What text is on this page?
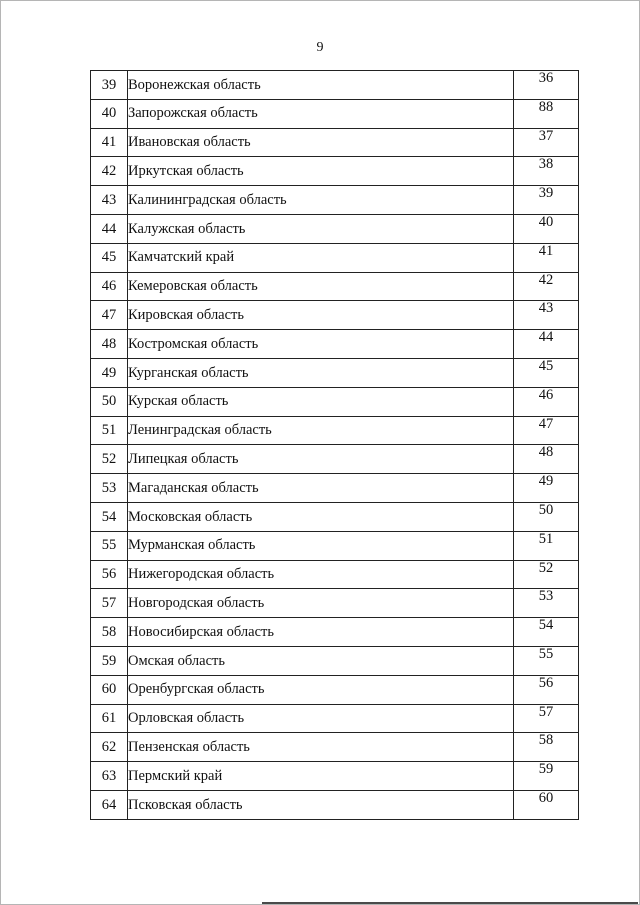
9
39	Воронежская область	36
40	Запорожская область	88
41	Ивановская область	37
42	Иркутская область	38
43	Калининградская область	39
44	Калужская область	40
45	Камчатский край	41
46	Кемеровская область	42
47	Кировская область	43
48	Костромская область	44
49	Курганская область	45
50	Курская область	46
51	Ленинградская область	47
52	Липецкая область	48
53	Магаданская область	49
54	Московская область	50
55	Мурманская область	51
56	Нижегородская область	52
57	Новгородская область	53
58	Новосибирская область	54
59	Омская область	55
60	Оренбургская область	56
61	Орловская область	57
62	Пензенская область	58
63	Пермский край	59
64	Псковская область	60
